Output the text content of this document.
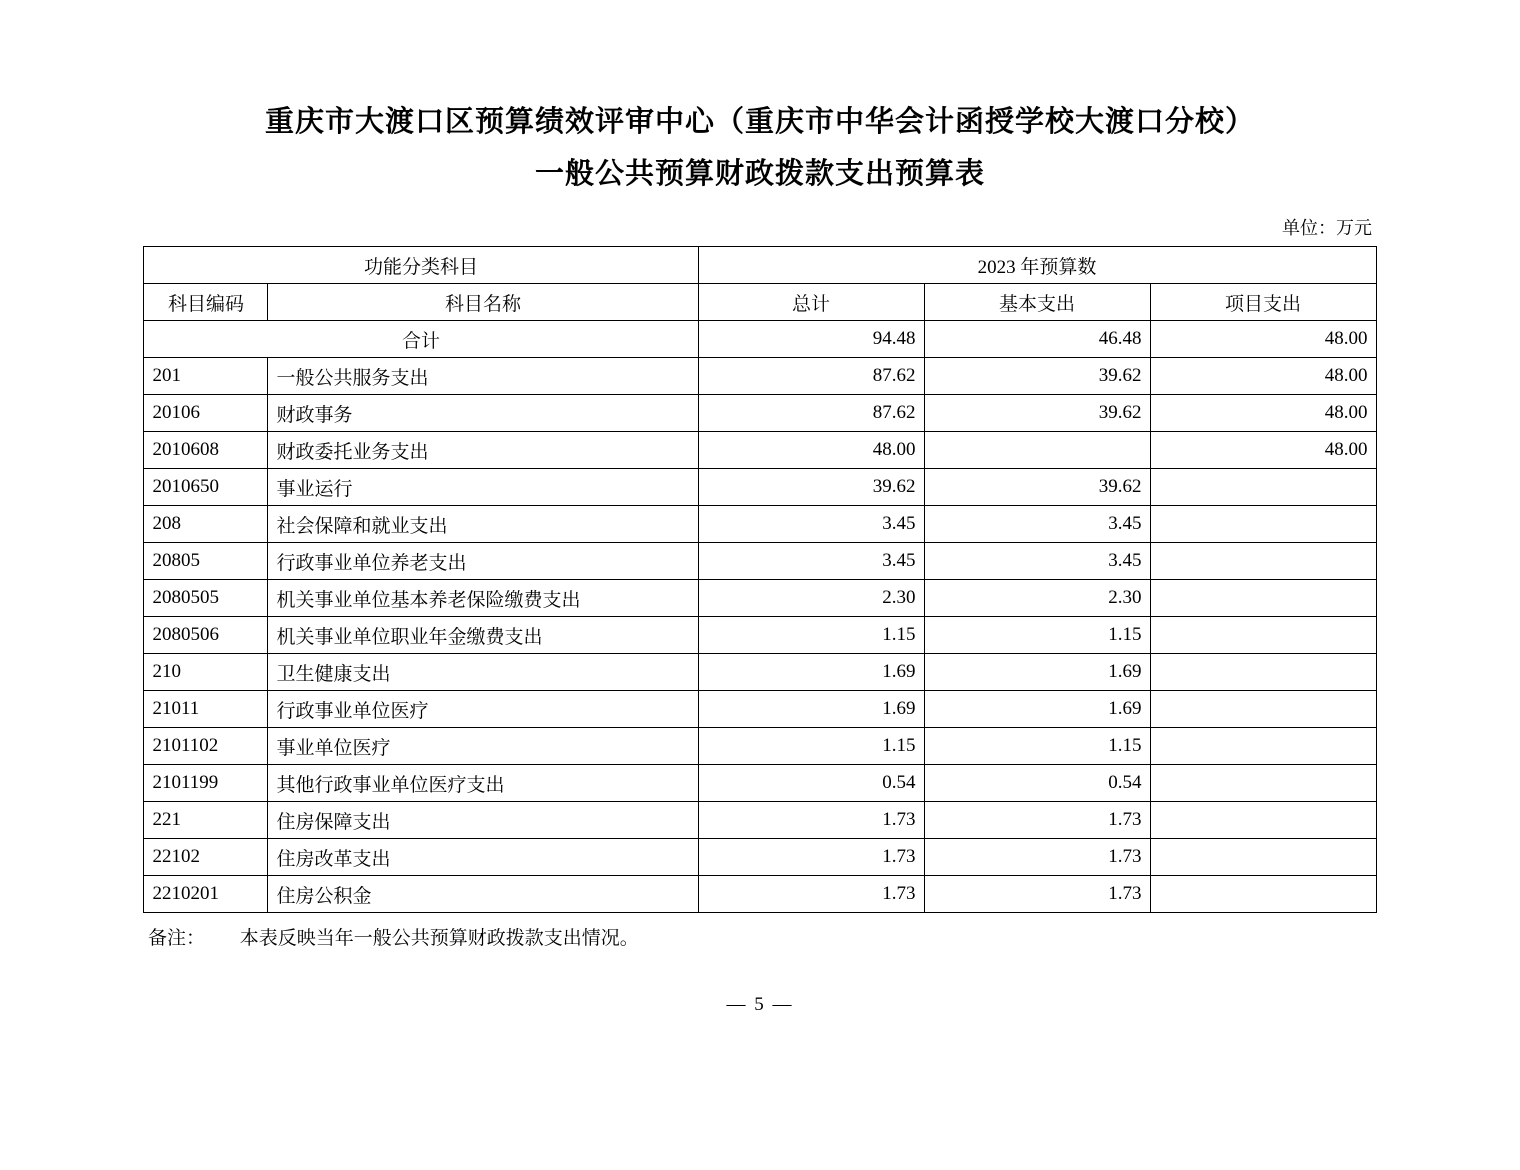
重庆市大渡口区预算绩效评审中心（重庆市中华会计函授学校大渡口分校）
一般公共预算财政拨款支出预算表
单位：万元
功能分类科目		2023 年预算数		
科目编码	科目名称	总计	基本支出	项目支出
合计		94.48	46.48	48.00
201	一般公共服务支出	87.62	39.62	48.00
20106	财政事务	87.62	39.62	48.00
2010608	财政委托业务支出	48.00		48.00
2010650	事业运行	39.62	39.62	
208	社会保障和就业支出	3.45	3.45	
20805	行政事业单位养老支出	3.45	3.45	
2080505	机关事业单位基本养老保险缴费支出	2.30	2.30	
2080506	机关事业单位职业年金缴费支出	1.15	1.15	
210	卫生健康支出	1.69	1.69	
21011	行政事业单位医疗	1.69	1.69	
2101102	事业单位医疗	1.15	1.15	
2101199	其他行政事业单位医疗支出	0.54	0.54	
221	住房保障支出	1.73	1.73	
22102	住房改革支出	1.73	1.73	
2210201	住房公积金	1.73	1.73	
备注： 本表反映当年一般公共预算财政拨款支出情况。
— 5 —
